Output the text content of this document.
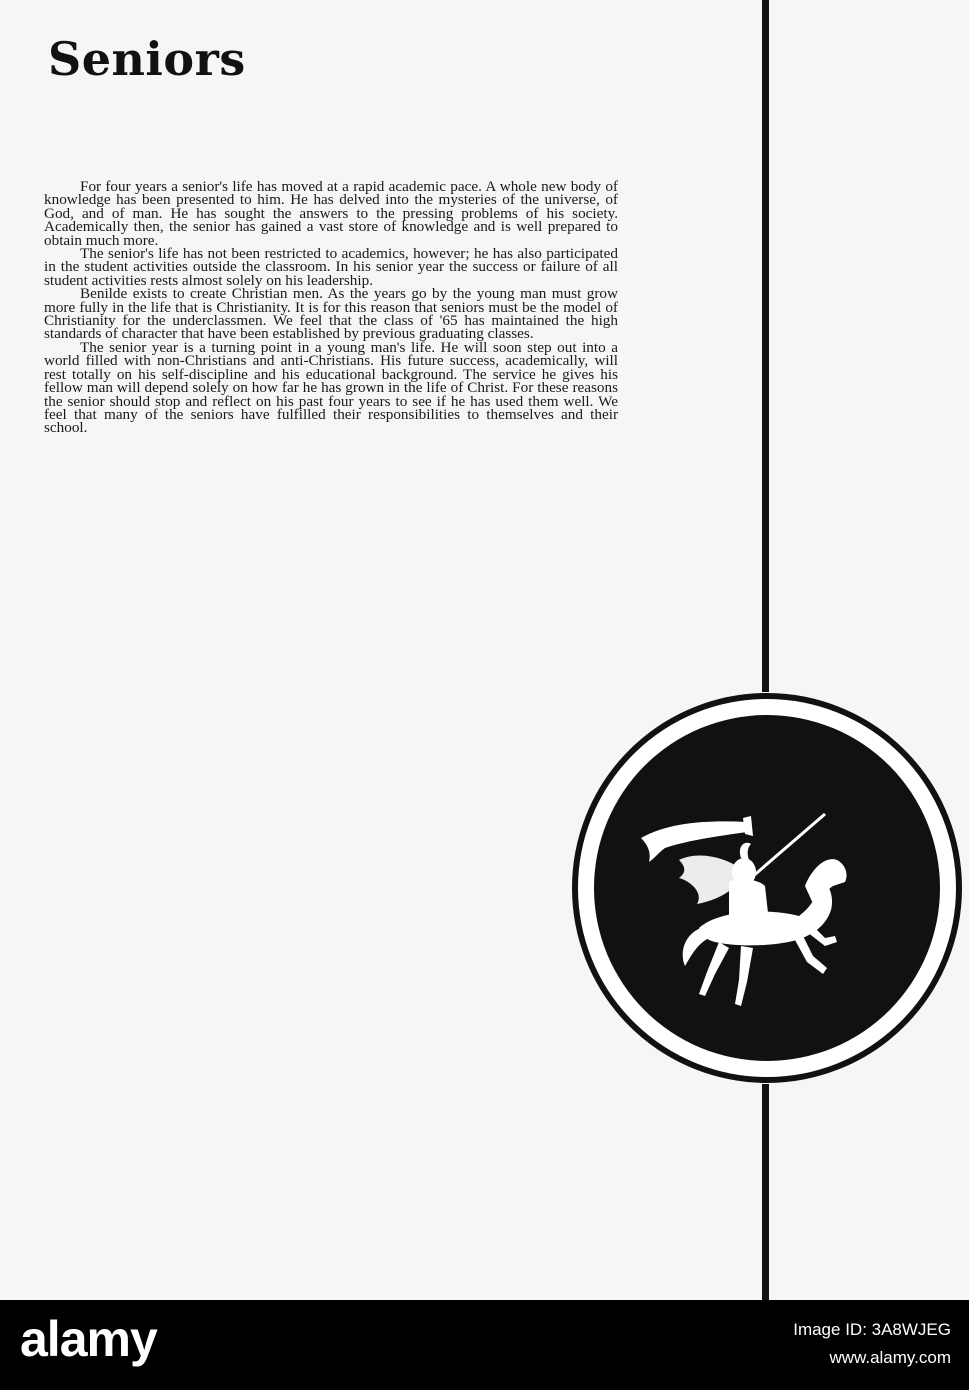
Seniors

For four years a senior's life has moved at a rapid academic pace. A whole new body of knowledge has been presented to him. He has delved into the mysteries of the universe, of God, and of man. He has sought the answers to the pressing problems of his society. Academically then, the senior has gained a vast store of knowledge and is well prepared to obtain much more.

The senior's life has not been restricted to academics, however; he has also participated in the student activities outside the classroom. In his senior year the success or failure of all student activities rests almost solely on his leadership.

Benilde exists to create Christian men. As the years go by the young man must grow more fully in the life that is Christianity. It is for this reason that seniors must be the model of Christianity for the underclassmen. We feel that the class of '65 has maintained the high standards of character that have been established by previous graduating classes.

The senior year is a turning point in a young man's life. He will soon step out into a world filled with non-Christians and anti-Christians. His future success, academically, will rest totally on his self-discipline and his educational background. The service he gives his fellow man will depend solely on how far he has grown in the life of Christ. For these reasons the senior should stop and reflect on his past four years to see if he has used them well. We feel that many of the seniors have fulfilled their responsibilities to themselves and their school.

alamy	Image ID: 3A8WJEG
www.alamy.com
